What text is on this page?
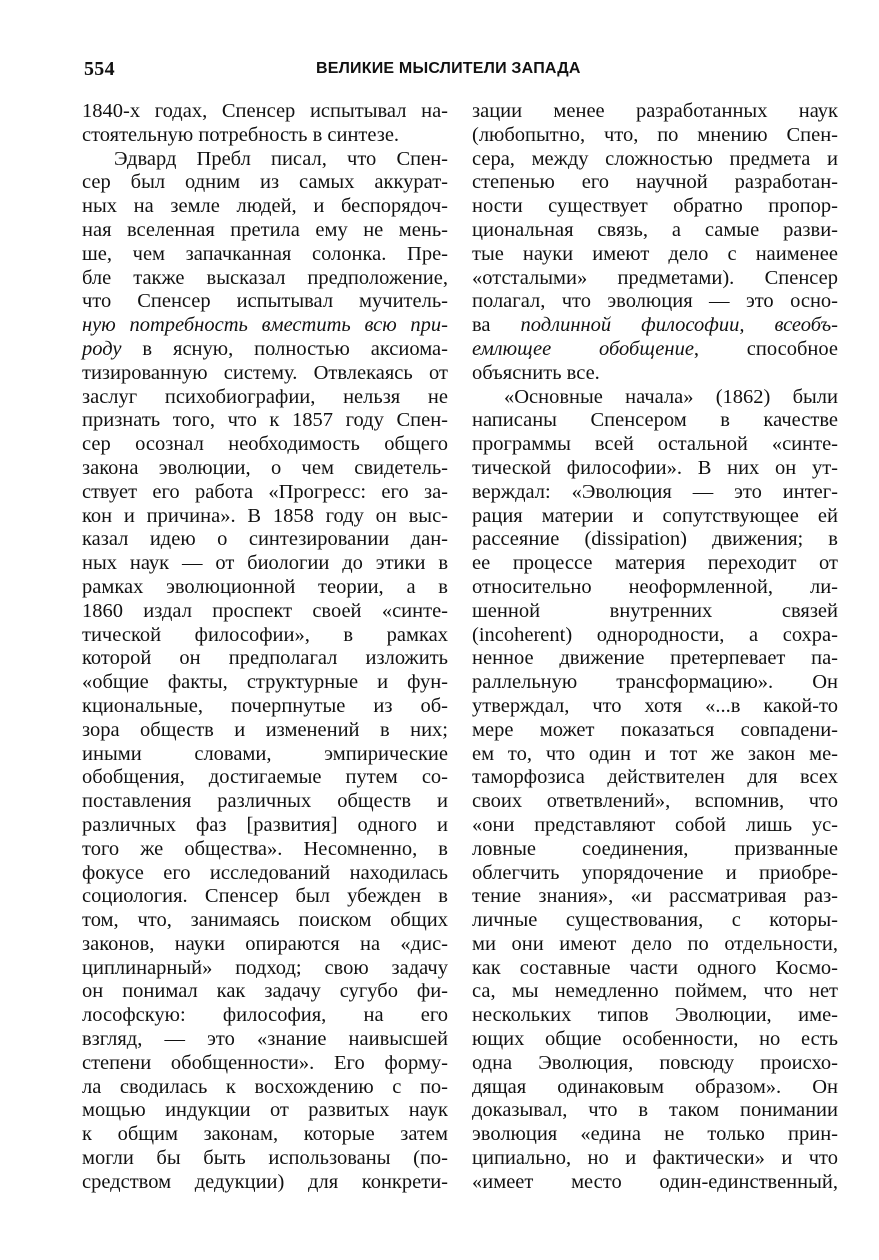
554	ВЕЛИКИЕ МЫСЛИТЕЛИ ЗАПАДА
1840-х годах, Спенсер испытывал на-
стоятельную потребность в синтезе.
Эдвард Пребл писал, что Спен-
сер был одним из самых аккурат-
ных на земле людей, и беспорядоч-
ная вселенная претила ему не мень-
ше, чем запачканная солонка. Пре-
бле также высказал предположение,
что Спенсер испытывал мучитель-
ную потребность вместить всю при-
роду в ясную, полностью аксиома-
тизированную систему. Отвлекаясь от
заслуг психобиографии, нельзя не
признать того, что к 1857 году Спен-
сер осознал необходимость общего
закона эволюции, о чем свидетель-
ствует его работа «Прогресс: его за-
кон и причина». В 1858 году он выс-
казал идею о синтезировании дан-
ных наук — от биологии до этики в
рамках эволюционной теории, а в
1860 издал проспект своей «синте-
тической философии», в рамках
которой он предполагал изложить
«общие факты, структурные и фун-
кциональные, почерпнутые из об-
зора обществ и изменений в них;
иными словами, эмпирические
обобщения, достигаемые путем со-
поставления различных обществ и
различных фаз [развития] одного и
того же общества». Несомненно, в
фокусе его исследований находилась
социология. Спенсер был убежден в
том, что, занимаясь поиском общих
законов, науки опираются на «дис-
циплинарный» подход; свою задачу
он понимал как задачу сугубо фи-
лософскую: философия, на его
взгляд, — это «знание наивысшей
степени обобщенности». Его форму-
ла сводилась к восхождению с по-
мощью индукции от развитых наук
к общим законам, которые затем
могли бы быть использованы (по-
средством дедукции) для конкрети-
зации менее разработанных наук
(любопытно, что, по мнению Спен-
сера, между сложностью предмета и
степенью его научной разработан-
ности существует обратно пропор-
циональная связь, а самые разви-
тые науки имеют дело с наименее
«отсталыми» предметами). Спенсер
полагал, что эволюция — это осно-
ва подлинной философии, всеобъ-
емлющее обобщение, способное
объяснить все.
«Основные начала» (1862) были
написаны Спенсером в качестве
программы всей остальной «синте-
тической философии». В них он ут-
верждал: «Эволюция — это интег-
рация материи и сопутствующее ей
рассеяние (dissipation) движения; в
ее процессе материя переходит от
относительно неоформленной, ли-
шенной внутренних связей
(incoherent) однородности, а сохра-
ненное движение претерпевает па-
раллельную трансформацию». Он
утверждал, что хотя «...в какой-то
мере может показаться совпадени-
ем то, что один и тот же закон ме-
таморфозиса действителен для всех
своих ответвлений», вспомнив, что
«они представляют собой лишь ус-
ловные соединения, призванные
облегчить упорядочение и приобре-
тение знания», «и рассматривая раз-
личные существования, с которы-
ми они имеют дело по отдельности,
как составные части одного Космо-
са, мы немедленно поймем, что нет
нескольких типов Эволюции, име-
ющих общие особенности, но есть
одна Эволюция, повсюду происхо-
дящая одинаковым образом». Он
доказывал, что в таком понимании
эволюция «едина не только прин-
ципиально, но и фактически» и что
«имеет место один-единственный,
